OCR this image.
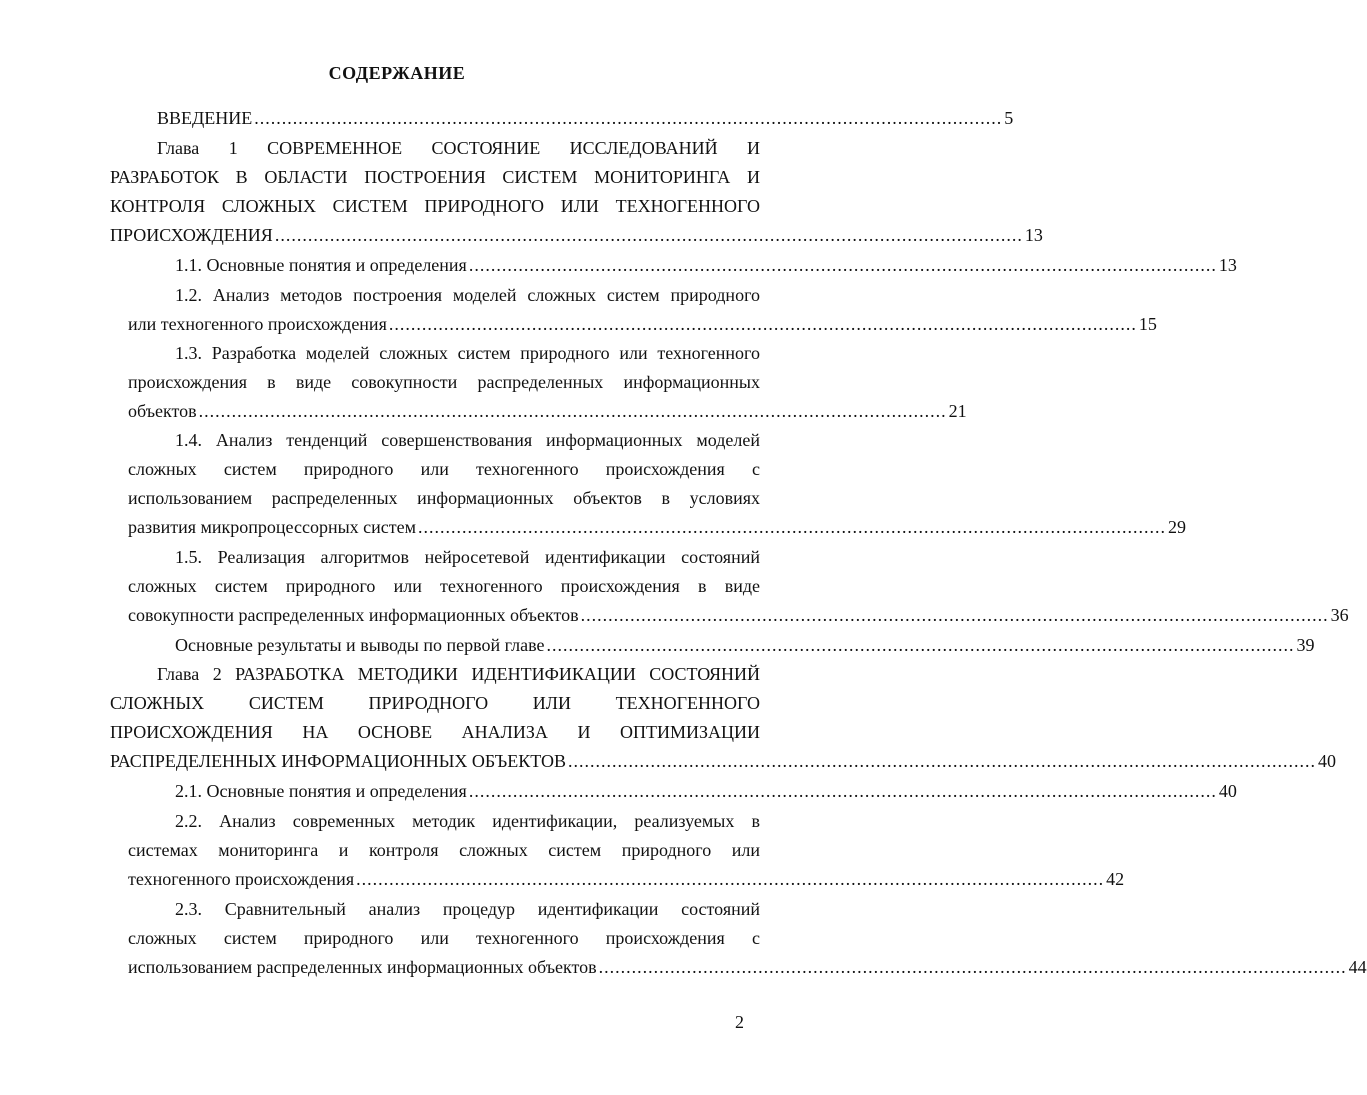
СОДЕРЖАНИЕ
ВВЕДЕНИЕ ........................................................................................................................................ 5
Глава 1 СОВРЕМЕННОЕ СОСТОЯНИЕ ИССЛЕДОВАНИЙ И
РАЗРАБОТОК В ОБЛАСТИ ПОСТРОЕНИЯ СИСТЕМ МОНИТОРИНГА И
КОНТРОЛЯ СЛОЖНЫХ СИСТЕМ ПРИРОДНОГО ИЛИ ТЕХНОГЕННОГО
ПРОИСХОЖДЕНИЯ ........................................................................................................................................ 13
1.1. Основные понятия и определения ........................................................................................................................................ 13
1.2. Анализ методов построения моделей сложных систем природного
или техногенного происхождения ........................................................................................................................................ 15
1.3. Разработка моделей сложных систем природного или техногенного
происхождения в виде совокупности распределенных информационных
объектов ........................................................................................................................................ 21
1.4. Анализ тенденций совершенствования информационных моделей
сложных систем природного или техногенного происхождения с
использованием распределенных информационных объектов в условиях
развития микропроцессорных систем ........................................................................................................................................ 29
1.5. Реализация алгоритмов нейросетевой идентификации состояний
сложных систем природного или техногенного происхождения в виде
совокупности распределенных информационных объектов ........................................................................................................................................ 36
Основные результаты и выводы по первой главе ........................................................................................................................................ 39
Глава 2 РАЗРАБОТКА МЕТОДИКИ ИДЕНТИФИКАЦИИ СОСТОЯНИЙ
СЛОЖНЫХ СИСТЕМ ПРИРОДНОГО ИЛИ ТЕХНОГЕННОГО
ПРОИСХОЖДЕНИЯ НА ОСНОВЕ АНАЛИЗА И ОПТИМИЗАЦИИ
РАСПРЕДЕЛЕННЫХ ИНФОРМАЦИОННЫХ ОБЪЕКТОВ ........................................................................................................................................ 40
2.1. Основные понятия и определения ........................................................................................................................................ 40
2.2. Анализ современных методик идентификации, реализуемых в
системах мониторинга и контроля сложных систем природного или
техногенного происхождения ........................................................................................................................................ 42
2.3. Сравнительный анализ процедур идентификации состояний
сложных систем природного или техногенного происхождения с
использованием распределенных информационных объектов ........................................................................................................................................ 44
2
